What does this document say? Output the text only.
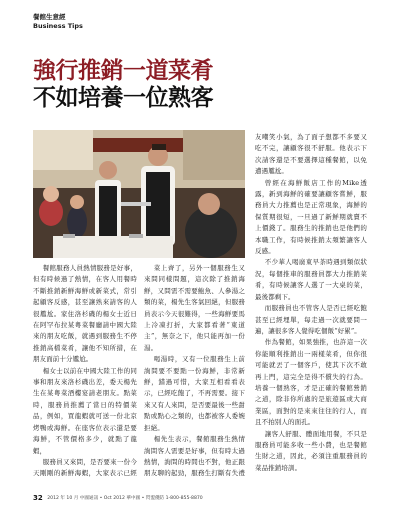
餐館生意經
Business Tips
強行推銷一道菜肴
不如培養一位熟客

餐館服務人員熱情服務是好事，但有時候過了熱情，在客人用餐時不斷推銷新鮮海鮮或新菜式，常引起顧客反感，甚至讓熟來請客的人很尷尬。家住洛杉磯的楊女士近日在阿罕布拉某粵菜餐廳請中國大陸來的朋友吃飯，就遇到服務生不停推銷高檔菜肴，讓他不知所措，在朋友面前十分尷尬。

楊女士以前在中國大陸工作的同事和朋友來洛杉磯出差，委天楊先生在某粵菜酒樓宴請老朋友。點菜時，服務員推薦了當日的特價菜品，例如，買龍蝦就可送一份北京烤鴨或海鮮。在座客位表示還是要海鮮，不管價格多少，就點了龍蝦，

服務員又來問，是否要來一份今天剛剛的新鮮海蝦，大家表示已經

菜上齊了，另外一個服務生又來問同樣問題，這次除了推銷海鮮，又問需不需要鮑魚、人參湯之類的菜，楊先生客氣回絕，但服務員表示今天很難得，一些海鮮要馬上冷凍打折，大家都看著“東道主”，無奈之下，他只能再加一份湯。

喝湯時，又有一位服務生上前詢問要不要點一份海鮮，非常新鮮，錯過可惜，大家互相看看表示，已經吃飽了，不再需要。接下來又有人來問，是否要最後一些甜點或點心之類的，也都被客人委婉拒絕。

楊先生表示，餐館服務生熱情詢問客人需要是好事，但有時太過熱情，詢問的時間也不對，他正跟朋友聊的起勁，服務生打斷有失禮

友嘲笑小氣，為了面子想都不多要又吃不完，讓顧客很不舒服。他表示下次請客還是不要選擇這種餐館，以免遭遇尷尬。

曾經在海鮮飯店工作的Mike透露，新到海鮮的確要讓顧客嘗鮮，服務員大力推薦也是正常現象，海鮮的保質期很短，一旦過了新鮮期就賣不上價錢了。服務生的推銷也是他們的本職工作，有時候推銷太頻繁讓客人反感。

不少華人喝廣東早茶時遇到類似狀況，每個推車的服務員都大力推銷菜肴，有時候讓客人選了一大桌的菜，最後都剩下。

而服務員也不管客人是否已經吃飽甚至已經埋單，每走過一次就要問一遍，讓很多客人覺得吃個飯“好累”。

作為餐館，如果強推，也許這一次你能順利推銷出一兩樣菜肴，但你很可能就丟了一個客戶，使其下次不敢再上門，這完全是得不償失的行為。培養一個熟客，才是正確的餐館營銷之道，除非你所處的是旅遊區或大商業區，面對的是來來往往的行人，而且不拍別人的面孔。

讓客人舒服、體面地用餐，不只是服務員可能多收一些小費，也是餐館生財之道，因此，必須注重服務員的菜品推銷培訓。

32 2012 年 10 月 中國通訊 • Oct 2012 華中國 • 閃盟優防 1-800-855-8870
